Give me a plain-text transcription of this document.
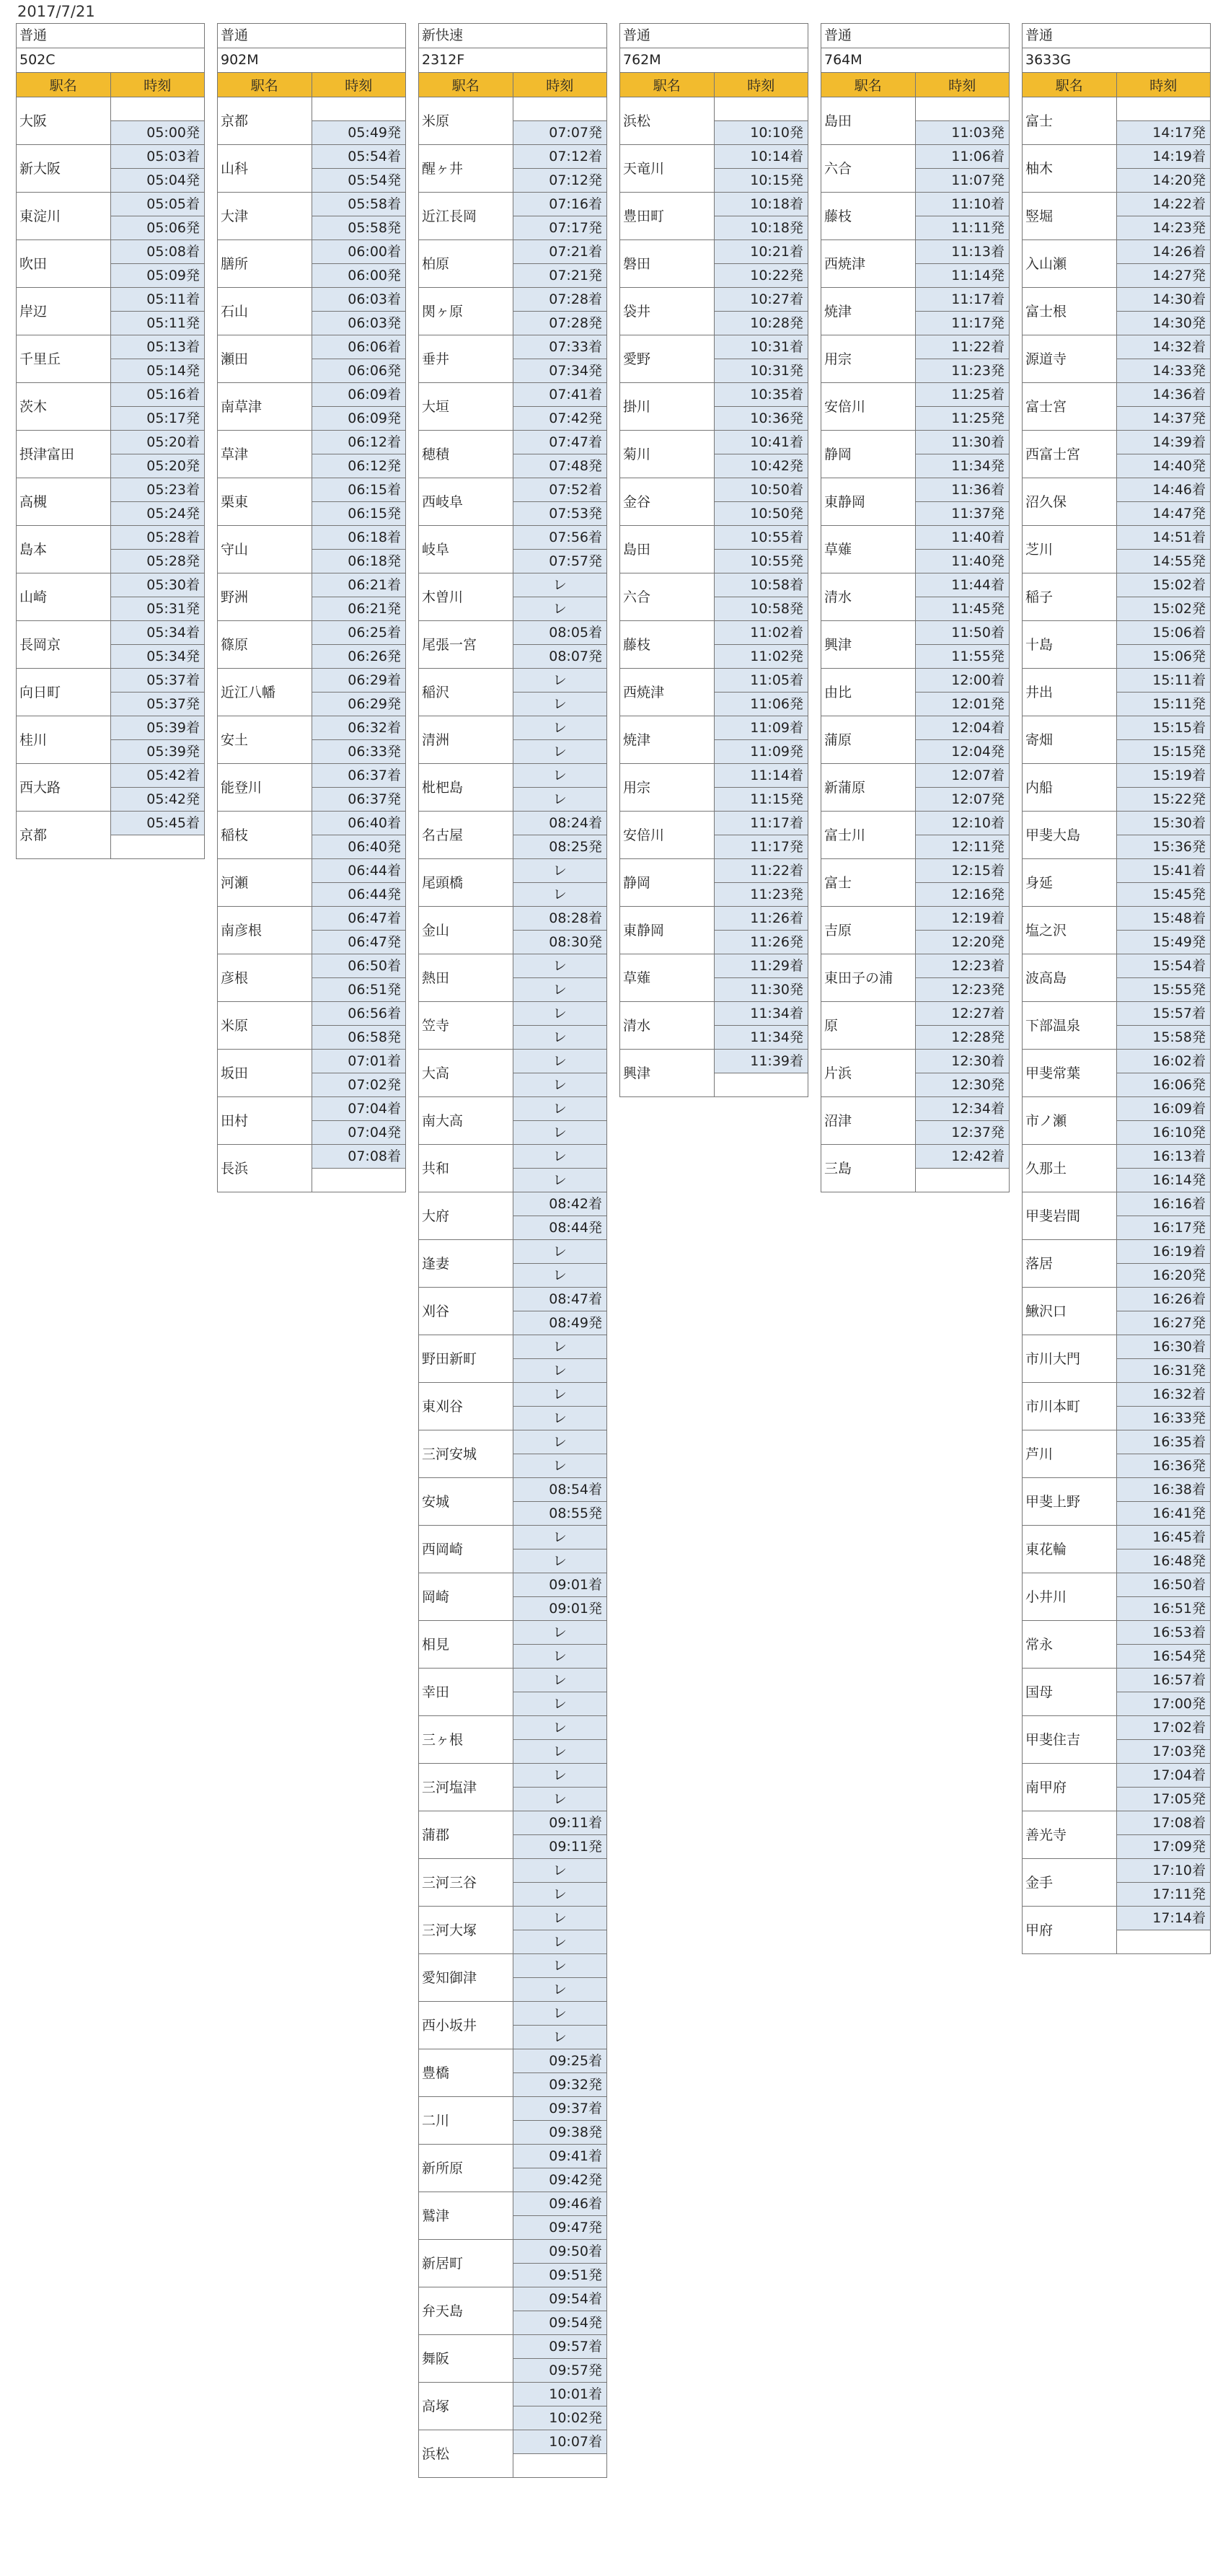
2017/7/21
普通	
502C	
駅名	時刻
大阪	
	05:00発
新大阪	05:03着
	05:04発
東淀川	05:05着
	05:06発
吹田	05:08着
	05:09発
岸辺	05:11着
	05:11発
千里丘	05:13着
	05:14発
茨木	05:16着
	05:17発
摂津富田	05:20着
	05:20発
高槻	05:23着
	05:24発
島本	05:28着
	05:28発
山崎	05:30着
	05:31発
長岡京	05:34着
	05:34発
向日町	05:37着
	05:37発
桂川	05:39着
	05:39発
西大路	05:42着
	05:42発
京都	05:45着

普通	
902M	
駅名	時刻
京都	
	05:49発
山科	05:54着
	05:54発
大津	05:58着
	05:58発
膳所	06:00着
	06:00発
石山	06:03着
	06:03発
瀬田	06:06着
	06:06発
南草津	06:09着
	06:09発
草津	06:12着
	06:12発
栗東	06:15着
	06:15発
守山	06:18着
	06:18発
野洲	06:21着
	06:21発
篠原	06:25着
	06:26発
近江八幡	06:29着
	06:29発
安土	06:32着
	06:33発
能登川	06:37着
	06:37発
稲枝	06:40着
	06:40発
河瀬	06:44着
	06:44発
南彦根	06:47着
	06:47発
彦根	06:50着
	06:51発
米原	06:56着
	06:58発
坂田	07:01着
	07:02発
田村	07:04着
	07:04発
長浜	07:08着

新快速	
2312F	
駅名	時刻
米原	
	07:07発
醒ヶ井	07:12着
	07:12発
近江長岡	07:16着
	07:17発
柏原	07:21着
	07:21発
関ヶ原	07:28着
	07:28発
垂井	07:33着
	07:34発
大垣	07:41着
	07:42発
穂積	07:47着
	07:48発
西岐阜	07:52着
	07:53発
岐阜	07:56着
	07:57発
木曽川	レ
	レ
尾張一宮	08:05着
	08:07発
稲沢	レ
	レ
清洲	レ
	レ
枇杷島	レ
	レ
名古屋	08:24着
	08:25発
尾頭橋	レ
	レ
金山	08:28着
	08:30発
熱田	レ
	レ
笠寺	レ
	レ
大高	レ
	レ
南大高	レ
	レ
共和	レ
	レ
大府	08:42着
	08:44発
逢妻	レ
	レ
刈谷	08:47着
	08:49発
野田新町	レ
	レ
東刈谷	レ
	レ
三河安城	レ
	レ
安城	08:54着
	08:55発
西岡崎	レ
	レ
岡崎	09:01着
	09:01発
相見	レ
	レ
幸田	レ
	レ
三ヶ根	レ
	レ
三河塩津	レ
	レ
蒲郡	09:11着
	09:11発
三河三谷	レ
	レ
三河大塚	レ
	レ
愛知御津	レ
	レ
西小坂井	レ
	レ
豊橋	09:25着
	09:32発
二川	09:37着
	09:38発
新所原	09:41着
	09:42発
鷲津	09:46着
	09:47発
新居町	09:50着
	09:51発
弁天島	09:54着
	09:54発
舞阪	09:57着
	09:57発
高塚	10:01着
	10:02発
浜松	10:07着

普通	
762M	
駅名	時刻
浜松	
	10:10発
天竜川	10:14着
	10:15発
豊田町	10:18着
	10:18発
磐田	10:21着
	10:22発
袋井	10:27着
	10:28発
愛野	10:31着
	10:31発
掛川	10:35着
	10:36発
菊川	10:41着
	10:42発
金谷	10:50着
	10:50発
島田	10:55着
	10:55発
六合	10:58着
	10:58発
藤枝	11:02着
	11:02発
西焼津	11:05着
	11:06発
焼津	11:09着
	11:09発
用宗	11:14着
	11:15発
安倍川	11:17着
	11:17発
静岡	11:22着
	11:23発
東静岡	11:26着
	11:26発
草薙	11:29着
	11:30発
清水	11:34着
	11:34発
興津	11:39着

普通	
764M	
駅名	時刻
島田	
	11:03発
六合	11:06着
	11:07発
藤枝	11:10着
	11:11発
西焼津	11:13着
	11:14発
焼津	11:17着
	11:17発
用宗	11:22着
	11:23発
安倍川	11:25着
	11:25発
静岡	11:30着
	11:34発
東静岡	11:36着
	11:37発
草薙	11:40着
	11:40発
清水	11:44着
	11:45発
興津	11:50着
	11:55発
由比	12:00着
	12:01発
蒲原	12:04着
	12:04発
新蒲原	12:07着
	12:07発
富士川	12:10着
	12:11発
富士	12:15着
	12:16発
吉原	12:19着
	12:20発
東田子の浦	12:23着
	12:23発
原	12:27着
	12:28発
片浜	12:30着
	12:30発
沼津	12:34着
	12:37発
三島	12:42着

普通	
3633G	
駅名	時刻
富士	
	14:17発
柚木	14:19着
	14:20発
竪堀	14:22着
	14:23発
入山瀬	14:26着
	14:27発
富士根	14:30着
	14:30発
源道寺	14:32着
	14:33発
富士宮	14:36着
	14:37発
西富士宮	14:39着
	14:40発
沼久保	14:46着
	14:47発
芝川	14:51着
	14:55発
稲子	15:02着
	15:02発
十島	15:06着
	15:06発
井出	15:11着
	15:11発
寄畑	15:15着
	15:15発
内船	15:19着
	15:22発
甲斐大島	15:30着
	15:36発
身延	15:41着
	15:45発
塩之沢	15:48着
	15:49発
波高島	15:54着
	15:55発
下部温泉	15:57着
	15:58発
甲斐常葉	16:02着
	16:06発
市ノ瀬	16:09着
	16:10発
久那土	16:13着
	16:14発
甲斐岩間	16:16着
	16:17発
落居	16:19着
	16:20発
鰍沢口	16:26着
	16:27発
市川大門	16:30着
	16:31発
市川本町	16:32着
	16:33発
芦川	16:35着
	16:36発
甲斐上野	16:38着
	16:41発
東花輪	16:45着
	16:48発
小井川	16:50着
	16:51発
常永	16:53着
	16:54発
国母	16:57着
	17:00発
甲斐住吉	17:02着
	17:03発
南甲府	17:04着
	17:05発
善光寺	17:08着
	17:09発
金手	17:10着
	17:11発
甲府	17:14着
